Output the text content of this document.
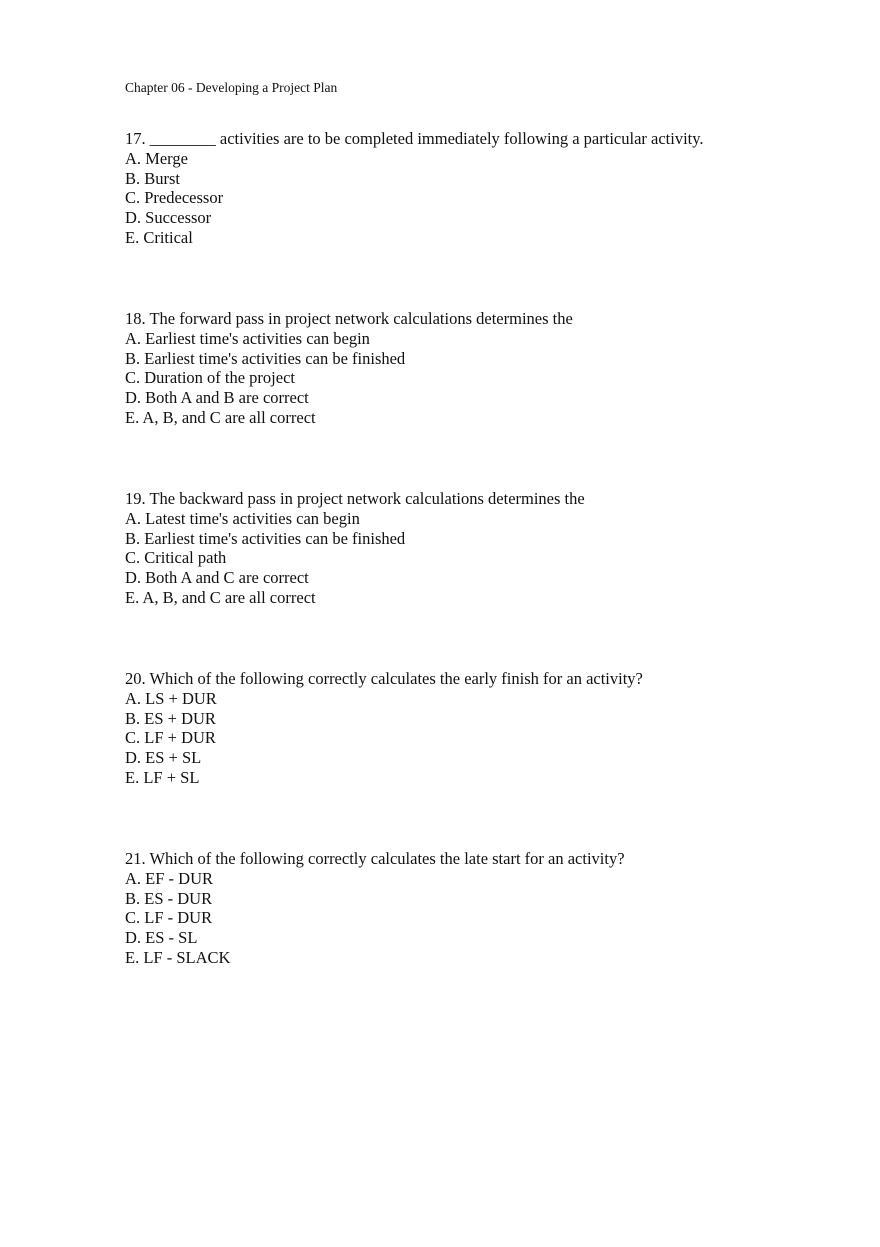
Chapter 06 - Developing a Project Plan
17. ________ activities are to be completed immediately following a particular activity.
A. Merge
B. Burst
C. Predecessor
D. Successor
E. Critical
18. The forward pass in project network calculations determines the
A. Earliest time's activities can begin
B. Earliest time's activities can be finished
C. Duration of the project
D. Both A and B are correct
E. A, B, and C are all correct
19. The backward pass in project network calculations determines the
A. Latest time's activities can begin
B. Earliest time's activities can be finished
C. Critical path
D. Both A and C are correct
E. A, B, and C are all correct
20. Which of the following correctly calculates the early finish for an activity?
A. LS + DUR
B. ES + DUR
C. LF + DUR
D. ES + SL
E. LF + SL
21. Which of the following correctly calculates the late start for an activity?
A. EF - DUR
B. ES - DUR
C. LF - DUR
D. ES - SL
E. LF - SLACK
